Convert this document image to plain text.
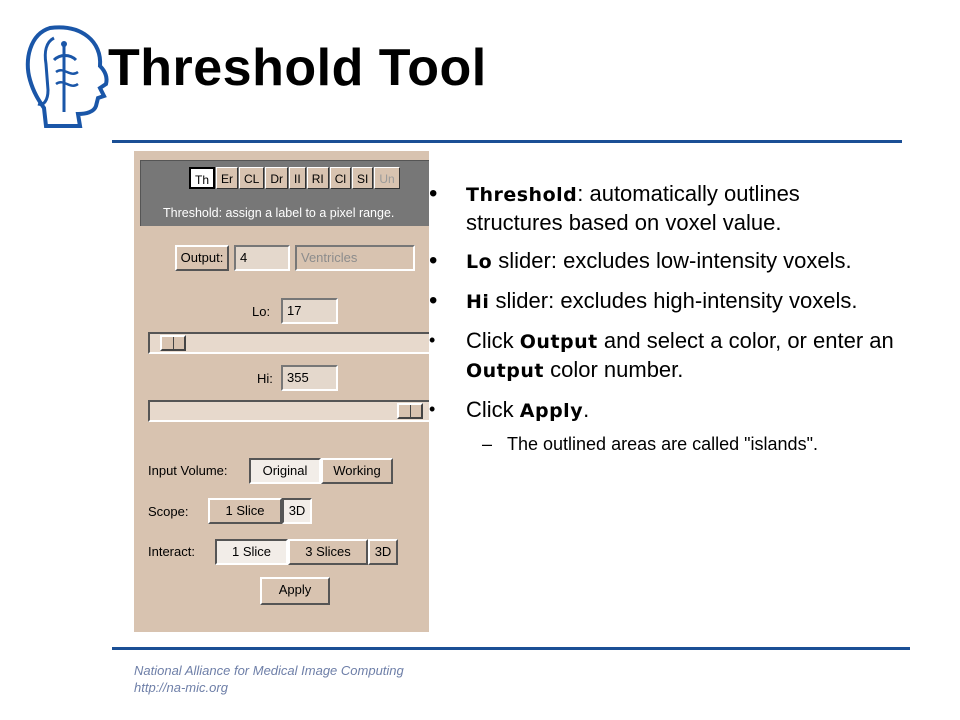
Threshold Tool
Th	Er CL Dr II RI Cl SI Un
Threshold: assign a label to a pixel range.
Output:	4	Ventricles
Lo:	17
Hi:	355
Input Volume:	Original	Working
Scope:	1 Slice	3D
Interact:	1 Slice	3 Slices	3D
Apply
• Threshold: automatically outlines structures based on voxel value.
• Lo slider: excludes low-intensity voxels.
• Hi slider: excludes high-intensity voxels.
• Click Output and select a color, or enter an Output color number.
• Click Apply.
– The outlined areas are called "islands".
National Alliance for Medical Image Computing
http://na-mic.org
